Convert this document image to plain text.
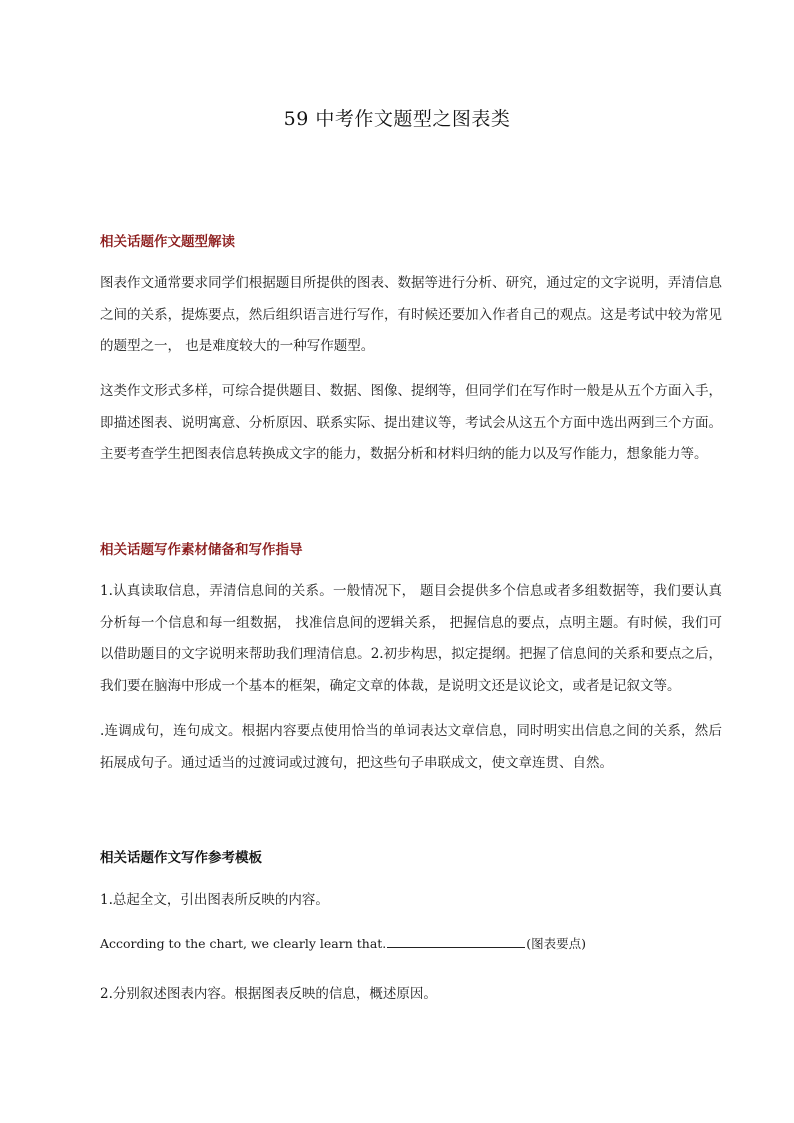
59 中考作文题型之图表类
相关话题作文题型解读
图表作文通常要求同学们根据题目所提供的图表、数据等进行分析、研究，通过定的文字说明，弄清信息之间的关系，提炼要点，然后组织语言进行写作，有时候还要加入作者自己的观点。这是考试中较为常见的题型之一， 也是难度较大的一种写作题型。
这类作文形式多样，可综合提供题目、数据、图像、提纲等，但同学们在写作时一般是从五个方面入手，即描述图表、说明寓意、分析原因、联系实际、提出建议等，考试会从这五个方面中选出两到三个方面。主要考查学生把图表信息转换成文字的能力，数据分析和材料归纳的能力以及写作能力，想象能力等。
相关话题写作素材储备和写作指导
1.认真读取信息，弄清信息间的关系。一般情况下， 题目会提供多个信息或者多组数据等，我们要认真分析每一个信息和每一组数据， 找准信息间的逻辑关系， 把握信息的要点，点明主题。有时候，我们可以借助题目的文字说明来帮助我们理清信息。2.初步构思，拟定提纲。把握了信息间的关系和要点之后，我们要在脑海中形成一个基本的框架，确定文章的体裁，是说明文还是议论文，或者是记叙文等。
.连调成句，连句成文。根据内容要点使用恰当的单词表达文章信息，同时明实出信息之间的关系，然后拓展成句子。通过适当的过渡词或过渡句，把这些句子串联成文，使文章连贯、自然。
相关话题作文写作参考模板
1.总起全文，引出图表所反映的内容。
According to the chart, we clearly learn that.	(图表要点)
2.分别叙述图表内容。根据图表反映的信息，概述原因。
